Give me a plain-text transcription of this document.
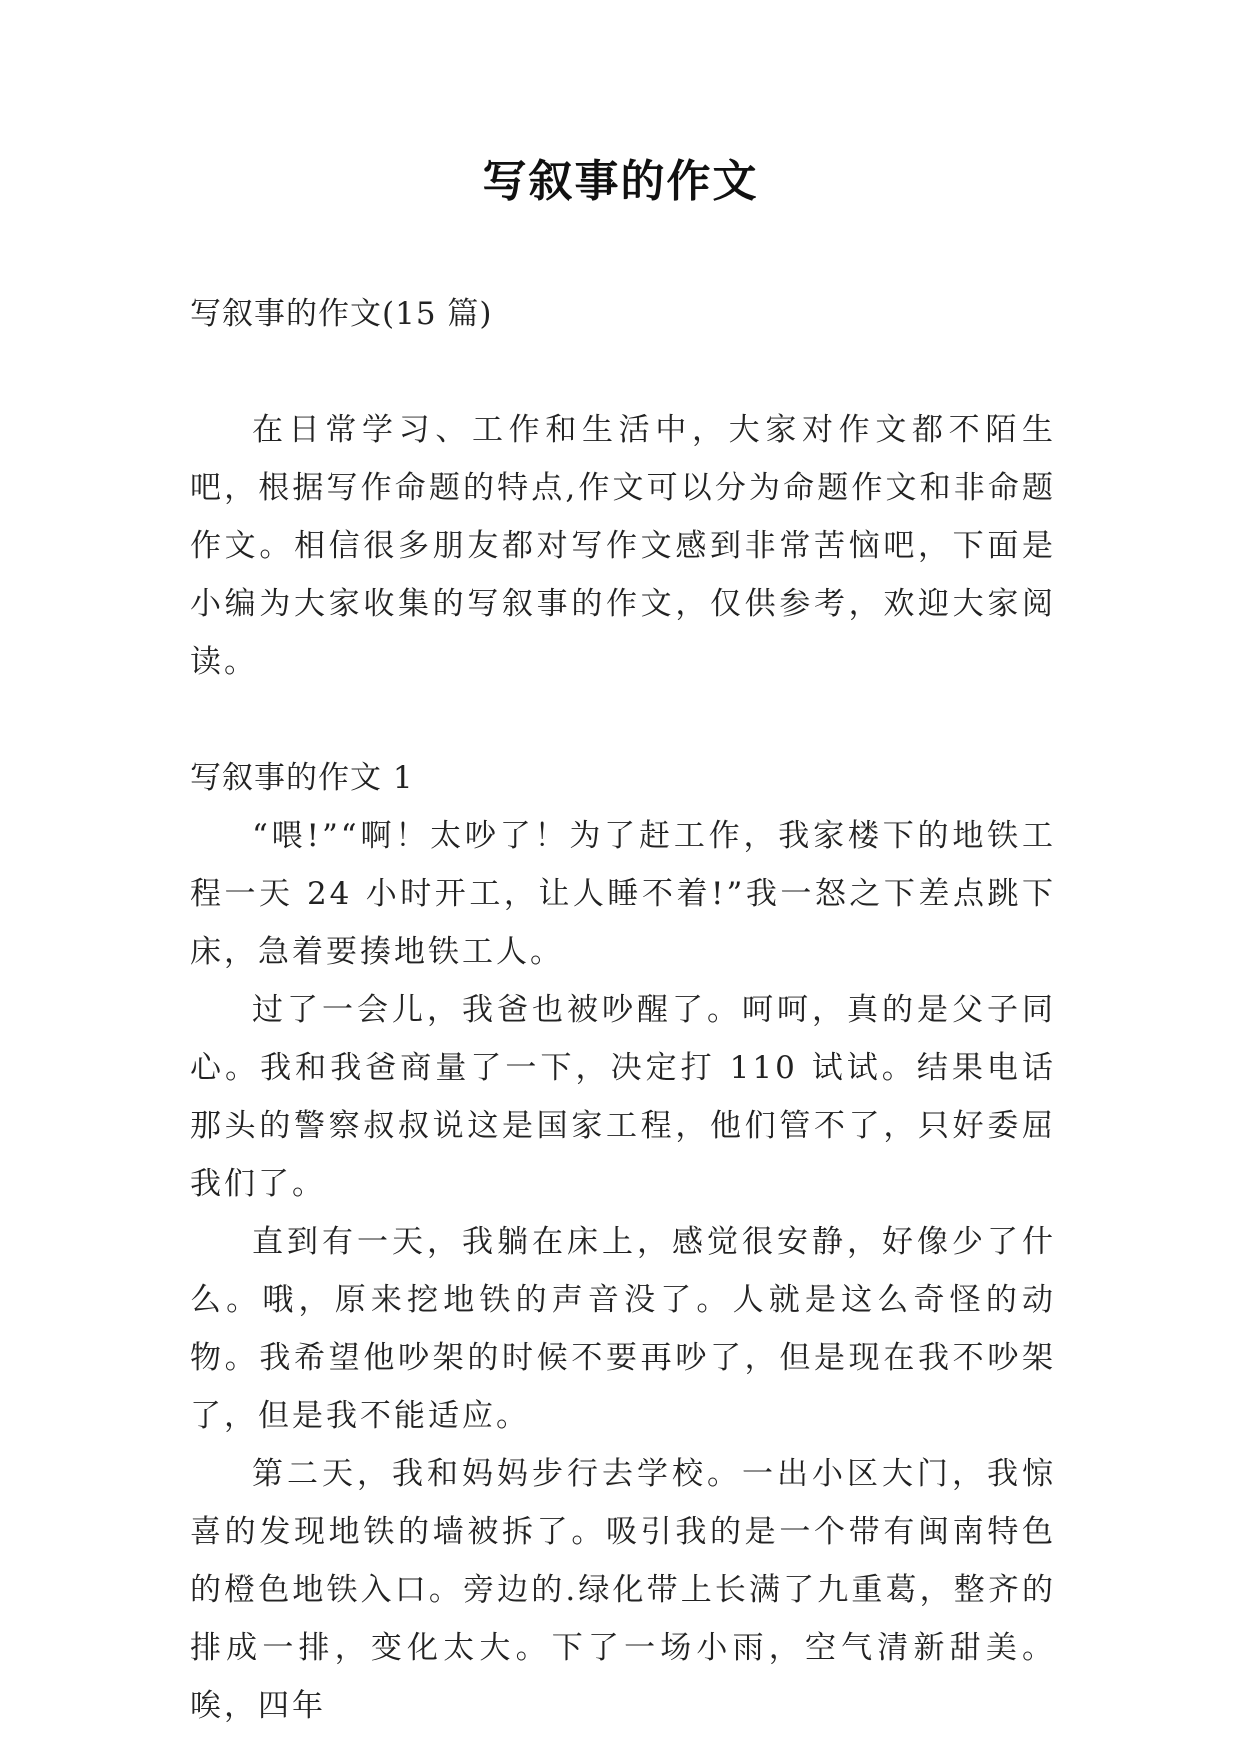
写叙事的作文

写叙事的作文(15 篇)

在日常学习、工作和生活中，大家对作文都不陌生吧，根据写作命题的特点,作文可以分为命题作文和非命题作文。相信很多朋友都对写作文感到非常苦恼吧，下面是小编为大家收集的写叙事的作文，仅供参考，欢迎大家阅读。

写叙事的作文 1

“喂!”“啊！太吵了！为了赶工作，我家楼下的地铁工程一天 24 小时开工，让人睡不着!”我一怒之下差点跳下床，急着要揍地铁工人。

过了一会儿，我爸也被吵醒了。呵呵，真的是父子同心。我和我爸商量了一下，决定打 110 试试。结果电话那头的警察叔叔说这是国家工程，他们管不了，只好委屈我们了。

直到有一天，我躺在床上，感觉很安静，好像少了什么。哦，原来挖地铁的声音没了。人就是这么奇怪的动物。我希望他吵架的时候不要再吵了，但是现在我不吵架了，但是我不能适应。

第二天，我和妈妈步行去学校。一出小区大门，我惊喜的发现地铁的墙被拆了。吸引我的是一个带有闽南特色的橙色地铁入口。旁边的.绿化带上长满了九重葛，整齐的排成一排，变化太大。下了一场小雨，空气清新甜美。唉，四年
